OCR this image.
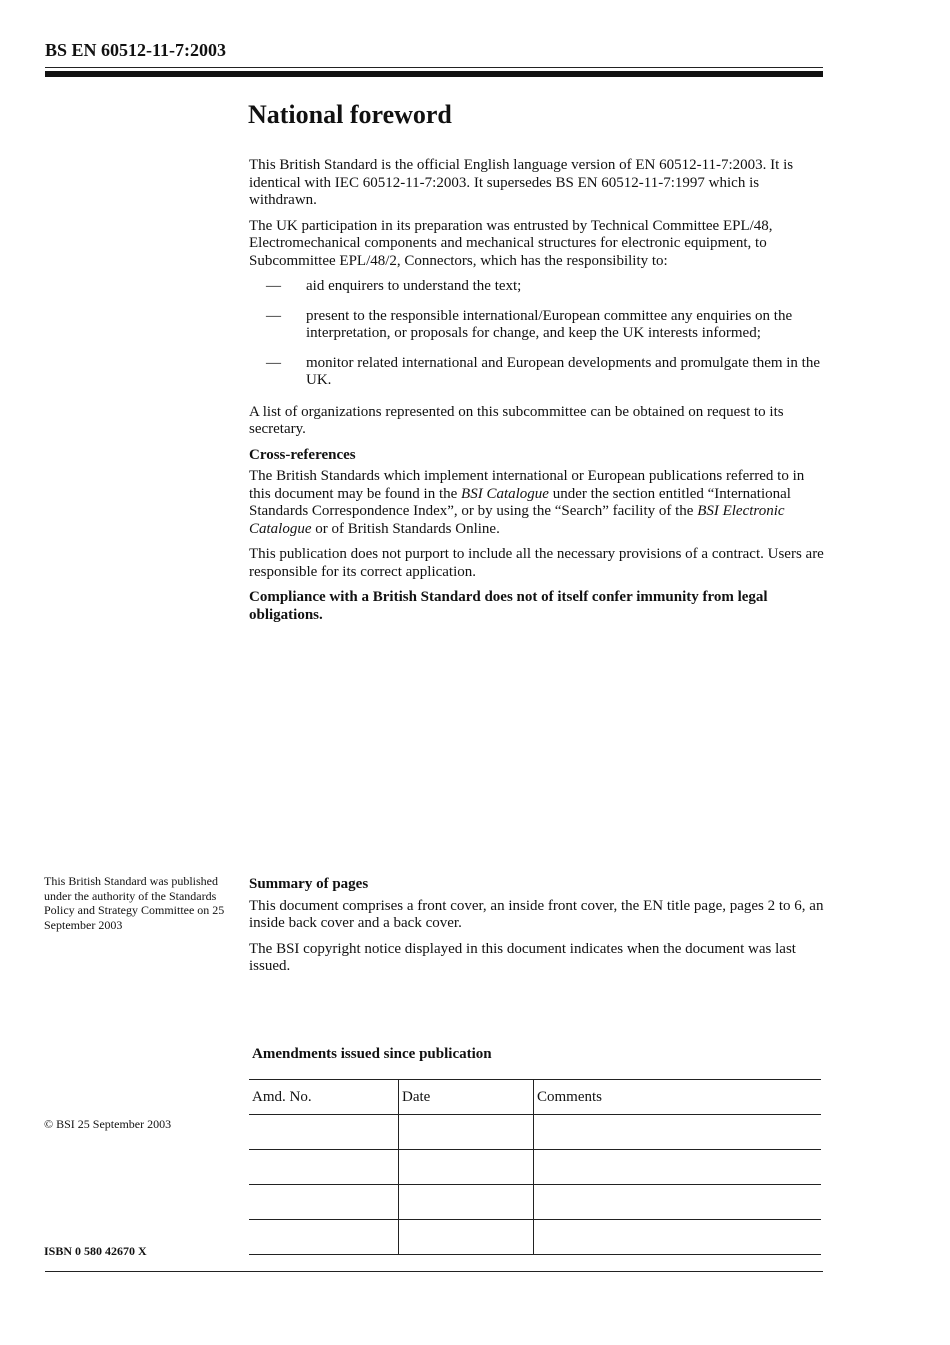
BS EN 60512-11-7:2003
National foreword

This British Standard is the official English language version of EN 60512-11-7:2003. It is identical with IEC 60512-11-7:2003. It supersedes BS EN 60512-11-7:1997 which is withdrawn.

The UK participation in its preparation was entrusted by Technical Committee EPL/48, Electromechanical components and mechanical structures for electronic equipment, to Subcommittee EPL/48/2, Connectors, which has the responsibility to:

—	aid enquirers to understand the text;
—	present to the responsible international/European committee any enquiries on the interpretation, or proposals for change, and keep the UK interests informed;
—	monitor related international and European developments and promulgate them in the UK.

A list of organizations represented on this subcommittee can be obtained on request to its secretary.

Cross-references

The British Standards which implement international or European publications referred to in this document may be found in the BSI Catalogue under the section entitled “International Standards Correspondence Index”, or by using the “Search” facility of the BSI Electronic Catalogue or of British Standards Online.

This publication does not purport to include all the necessary provisions of a contract. Users are responsible for its correct application.

Compliance with a British Standard does not of itself confer immunity from legal obligations.

This British Standard was published under the authority of the Standards Policy and Strategy Committee on 25 September 2003
Summary of pages

This document comprises a front cover, an inside front cover, the EN title page, pages 2 to 6, an inside back cover and a back cover.

The BSI copyright notice displayed in this document indicates when the document was last issued.

Amendments issued since publication
Amd. No.	Date	Comments

© BSI 25 September 2003
ISBN 0 580 42670 X
